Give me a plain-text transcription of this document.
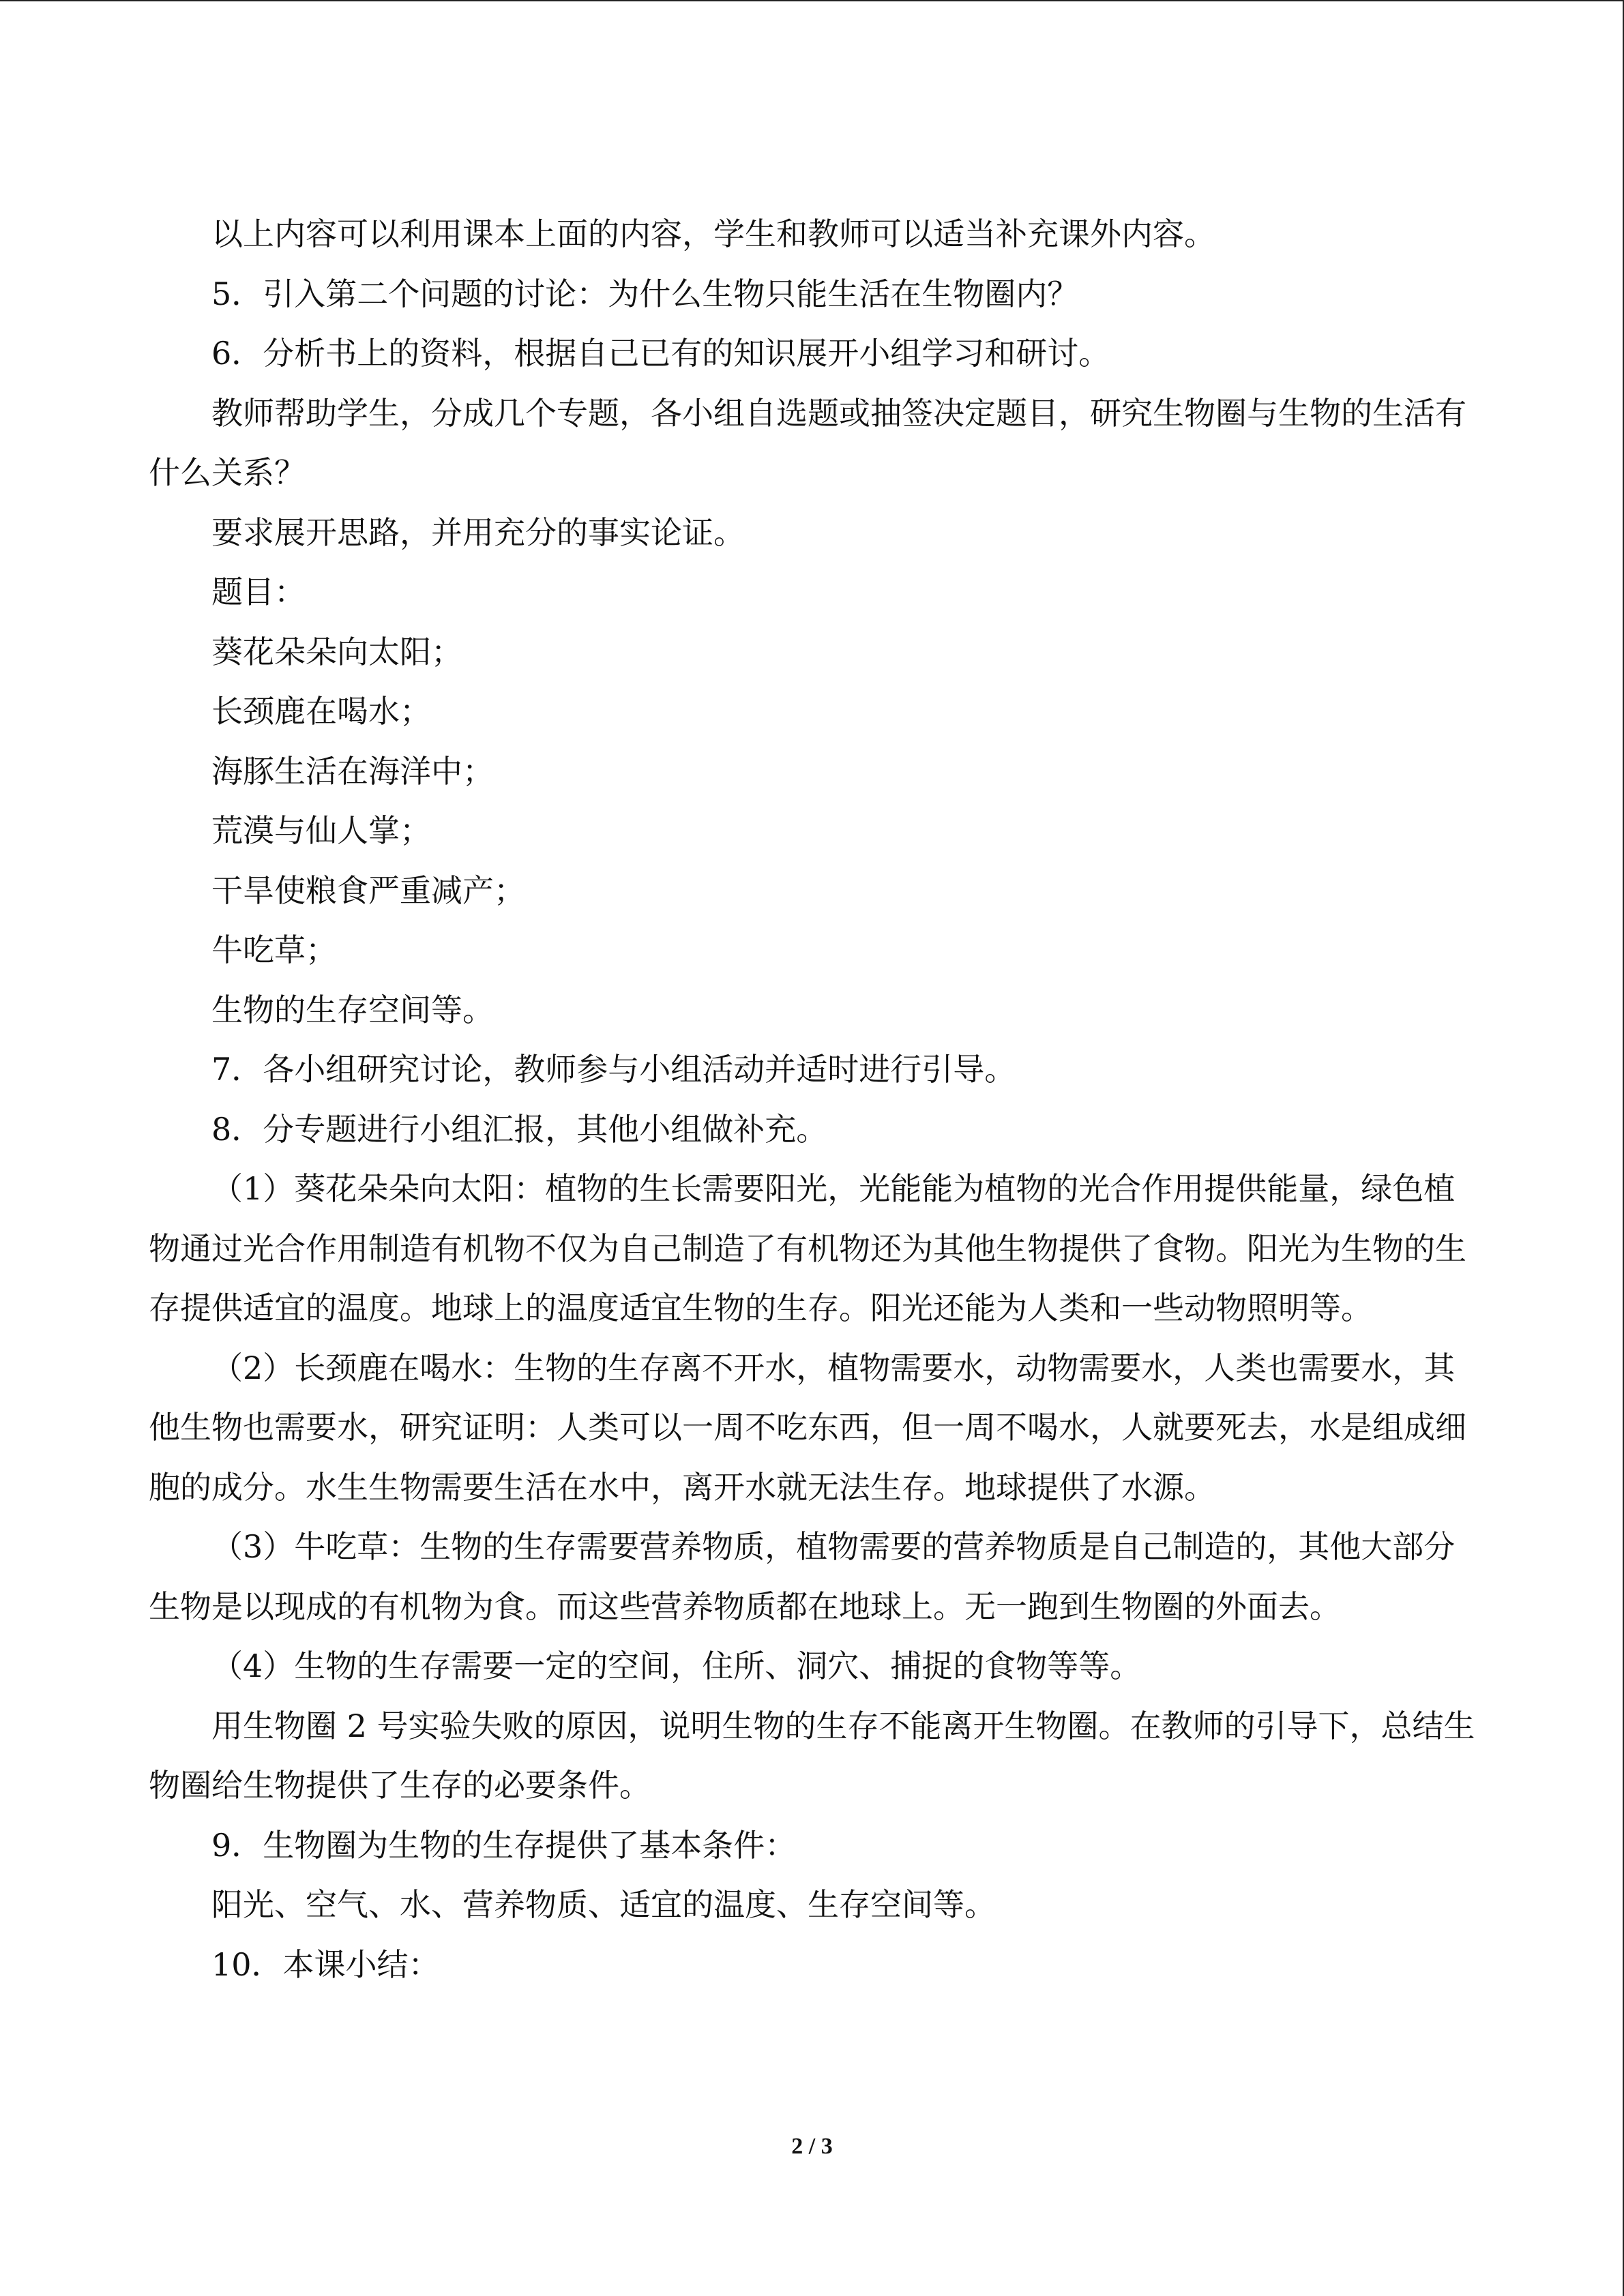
以上内容可以利用课本上面的内容，学生和教师可以适当补充课外内容。

5．引入第二个问题的讨论：为什么生物只能生活在生物圈内？

6．分析书上的资料，根据自己已有的知识展开小组学习和研讨。

教师帮助学生，分成几个专题，各小组自选题或抽签决定题目，研究生物圈与生物的生活有什么关系？

要求展开思路，并用充分的事实论证。

题目：

葵花朵朵向太阳；

长颈鹿在喝水；

海豚生活在海洋中；

荒漠与仙人掌；

干旱使粮食严重减产；

牛吃草；

生物的生存空间等。

7．各小组研究讨论，教师参与小组活动并适时进行引导。

8．分专题进行小组汇报，其他小组做补充。

（1）葵花朵朵向太阳：植物的生长需要阳光，光能能为植物的光合作用提供能量，绿色植物通过光合作用制造有机物不仅为自己制造了有机物还为其他生物提供了食物。阳光为生物的生存提供适宜的温度。地球上的温度适宜生物的生存。阳光还能为人类和一些动物照明等。

（2）长颈鹿在喝水：生物的生存离不开水，植物需要水，动物需要水，人类也需要水，其他生物也需要水，研究证明：人类可以一周不吃东西，但一周不喝水，人就要死去，水是组成细胞的成分。水生生物需要生活在水中，离开水就无法生存。地球提供了水源。

（3）牛吃草：生物的生存需要营养物质，植物需要的营养物质是自己制造的，其他大部分生物是以现成的有机物为食。而这些营养物质都在地球上。无一跑到生物圈的外面去。

（4）生物的生存需要一定的空间，住所、洞穴、捕捉的食物等等。

用生物圈 2 号实验失败的原因，说明生物的生存不能离开生物圈。在教师的引导下，总结生物圈给生物提供了生存的必要条件。

9．生物圈为生物的生存提供了基本条件：

阳光、空气、水、营养物质、适宜的温度、生存空间等。

10．本课小结：

2 / 3
